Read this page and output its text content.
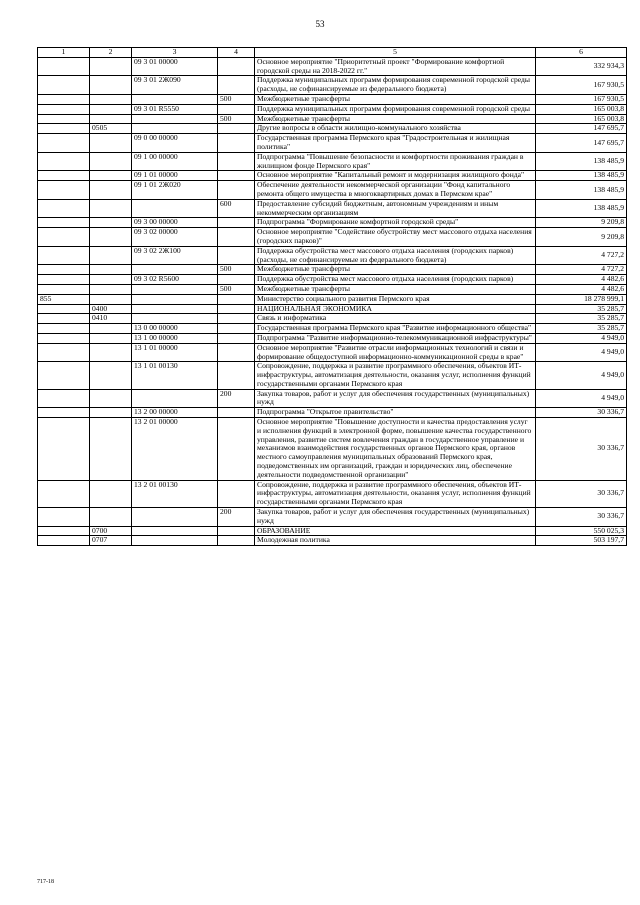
53
1	2	3	4	5	6
		09 3 01 00000		Основное мероприятие "Приоритетный проект "Формирование комфортной городской среды на 2018-2022 гг."	332 934,3
		09 3 01 2Ж090		Поддержка муниципальных программ формирования современной городской среды (расходы, не софинансируемые из федерального бюджета)	167 930,5
			500	Межбюджетные трансферты	167 930,5
		09 3 01 R5550		Поддержка муниципальных программ формирования современной городской среды	165 003,8
			500	Межбюджетные трансферты	165 003,8
	0505			Другие вопросы в области жилищно-коммунального хозяйства	147 695,7
		09 0 00 00000		Государственная программа Пермского края "Градостроительная и жилищная политика"	147 695,7
		09 1 00 00000		Подпрограмма "Повышение безопасности и комфортности проживания граждан в жилищном фонде Пермского края"	138 485,9
		09 1 01 00000		Основное мероприятие "Капитальный ремонт и модернизация жилищного фонда"	138 485,9
		09 1 01 2Ж020		Обеспечение деятельности некоммерческой организации "Фонд капитального ремонта общего имущества в многоквартирных домах в Пермском крае"	138 485,9
			600	Предоставление субсидий бюджетным, автономным учреждениям и иным некоммерческим организациям	138 485,9
		09 3 00 00000		Подпрограмма "Формирование комфортной городской среды"	9 209,8
		09 3 02 00000		Основное мероприятие "Содействие обустройству мест массового отдыха населения (городских парков)"	9 209,8
		09 3 02 2Ж100		Поддержка обустройства мест массового отдыха населения (городских парков) (расходы, не софинансируемые из федерального бюджета)	4 727,2
			500	Межбюджетные трансферты	4 727,2
		09 3 02 R5600		Поддержка обустройства мест массового отдыха населения (городских парков)	4 482,6
			500	Межбюджетные трансферты	4 482,6
855				Министерство социального развития Пермского края	18 278 999,1
	0400			НАЦИОНАЛЬНАЯ ЭКОНОМИКА	35 285,7
	0410			Связь и информатика	35 285,7
		13 0 00 00000		Государственная программа Пермского края "Развитие информационного общества"	35 285,7
		13 1 00 00000		Подпрограмма "Развитие информационно-телекоммуникационной инфраструктуры"	4 949,0
		13 1 01 00000		Основное мероприятие "Развитие отрасли информационных технологий и связи и формирование общедоступной информационно-коммуникационной среды в крае"	4 949,0
		13 1 01 00130		Сопровождение, поддержка и развитие программного обеспечения, объектов ИТ-инфраструктуры, автоматизация деятельности, оказания услуг, исполнения функций государственными органами Пермского края	4 949,0
			200	Закупка товаров, работ и услуг для обеспечения государственных (муниципальных) нужд	4 949,0
		13 2 00 00000		Подпрограмма "Открытое правительство"	30 336,7
		13 2 01 00000		Основное мероприятие "Повышение доступности и качества предоставления услуг и исполнения функций в электронной форме, повышение качества государственного управления, развитие систем вовлечения граждан в государственное управление и механизмов взаимодействия государственных органов Пермского края, органов местного самоуправления муниципальных образований Пермского края, подведомственных им организаций, граждан и юридических лиц, обеспечение деятельности подведомственной организации"	30 336,7
		13 2 01 00130		Сопровождение, поддержка и развитие программного обеспечения, объектов ИТ-инфраструктуры, автоматизация деятельности, оказания услуг, исполнения функций государственными органами Пермского края	30 336,7
			200	Закупка товаров, работ и услуг для обеспечения государственных (муниципальных) нужд	30 336,7
	0700			ОБРАЗОВАНИЕ	550 025,3
	0707			Молодежная политика	503 197,7
717-18
